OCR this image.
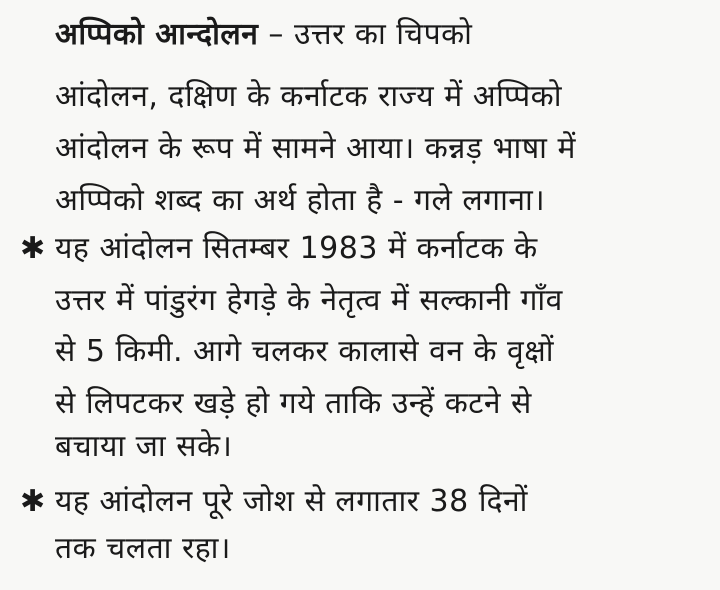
अप्पिको आन्दोलन – उत्तर का चिपको
आंदोलन, दक्षिण के कर्नाटक राज्य में अप्पिको
आंदोलन के रूप में सामने आया। कन्नड़ भाषा में
अप्पिको शब्द का अर्थ होता है - गले लगाना।
✱ यह आंदोलन सितम्बर 1983 में कर्नाटक के
उत्तर में पांडुरंग हेगड़े के नेतृत्व में सल्कानी गाँव
से 5 किमी. आगे चलकर कालासे वन के वृक्षों
से लिपटकर खड़े हो गये ताकि उन्हें कटने से
बचाया जा सके।
✱ यह आंदोलन पूरे जोश से लगातार 38 दिनों
तक चलता रहा।
